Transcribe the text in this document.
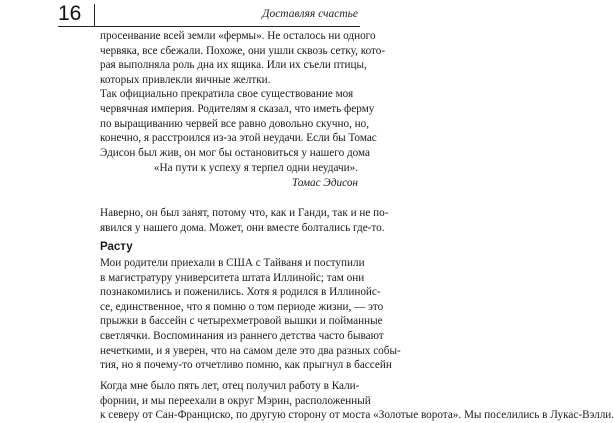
16	Доставляя счастье
просеивание всей земли «фермы». Не осталось ни одного
червяка, все сбежали. Похоже, они ушли сквозь сетку, кото-
рая выполняла роль дна их ящика. Или их съели птицы,
которых привлекли яичные желтки.
Так официально прекратила свое существование моя
червячная империя. Родителям я сказал, что иметь ферму
по выращиванию червей все равно довольно скучно, но,
конечно, я расстроился из-за этой неудачи. Если бы Томас
Эдисон был жив, он мог бы остановиться у нашего дома
«На пути к успеху я терпел одни неудачи».
Томас Эдисон
Наверно, он был занят, потому что, как и Ганди, так и не по-
явился у нашего дома. Может, они вместе болтались где-то.
Расту
Мои родители приехали в США с Тайваня и поступили
в магистратуру университета штата Иллинойс; там они
познакомились и поженились. Хотя я родился в Иллинойс-
се, единственное, что я помню о том периоде жизни, — это
прыжки в бассейн с четырехметровой вышки и пойманные
светлячки. Воспоминания из раннего детства часто бывают
нечеткими, и я уверен, что на самом деле это два разных собы-
тия, но я почему-то отчетливо помню, как прыгнул в бассейн
Когда мне было пять лет, отец получил работу в Кали-
форнии, и мы переехали в округ Мэрин, расположенный
к северу от Сан-Франциско, по другую сторону от моста «Золотые ворота». Мы поселились в Лукас-Вэлли.
